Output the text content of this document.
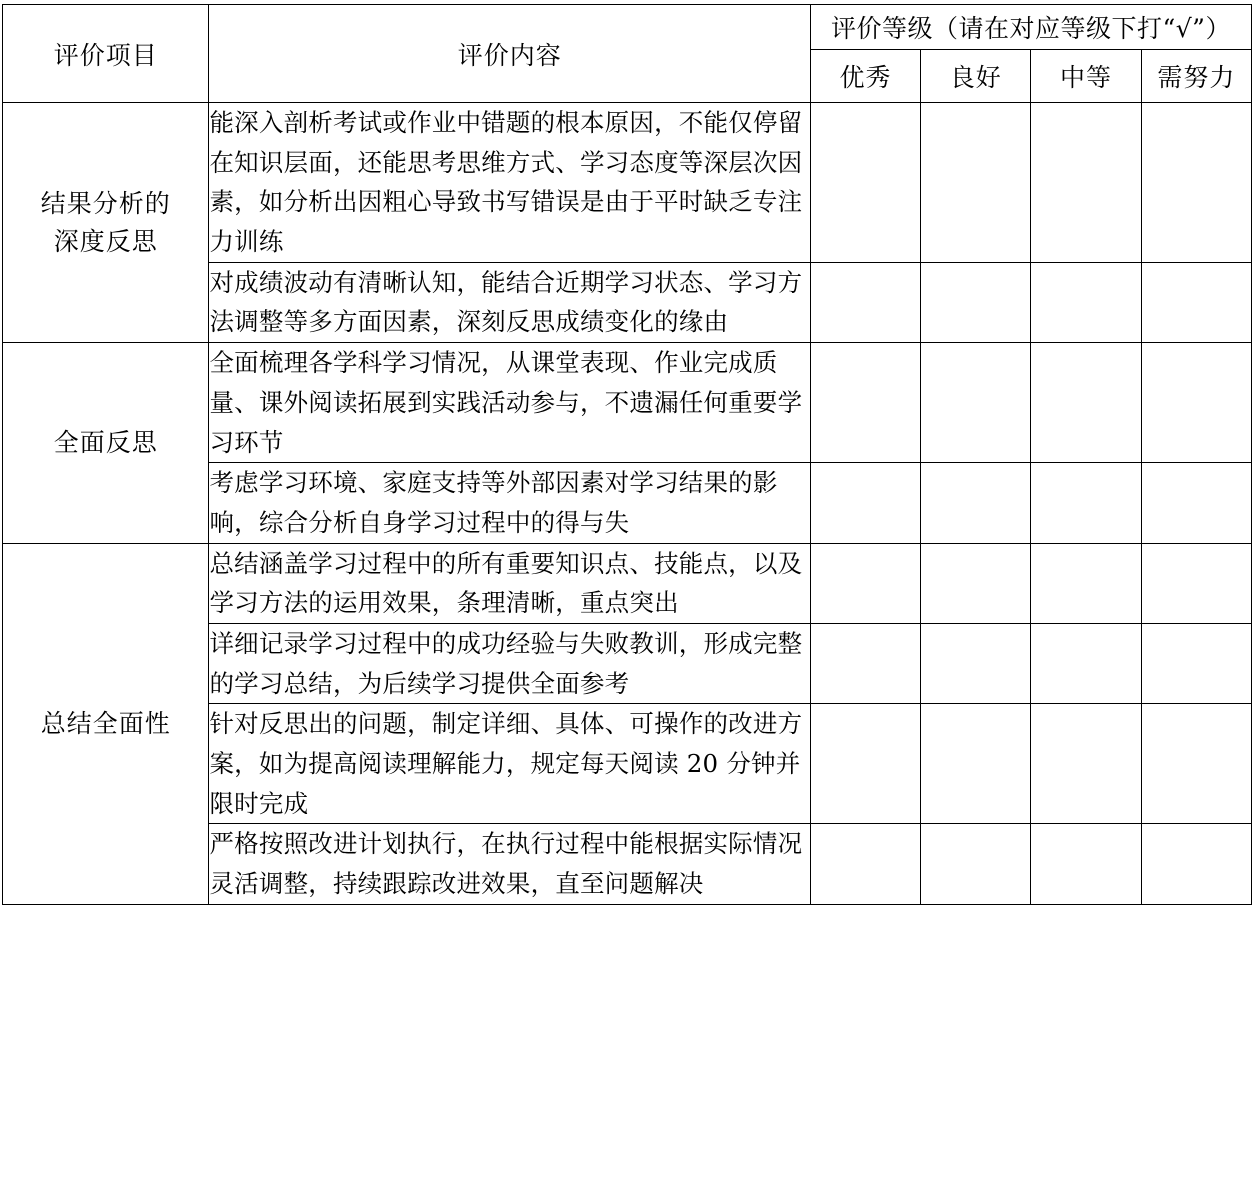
评价项目	评价内容	评价等级（请在对应等级下打“√”）			
		优秀	良好	中等	需努力
结果分析的
深度反思	能深入剖析考试或作业中错题的根本原因，不能仅停留在知识层面，还能思考思维方式、学习态度等深层次因素，如分析出因粗心导致书写错误是由于平时缺乏专注力训练				
	对成绩波动有清晰认知，能结合近期学习状态、学习方法调整等多方面因素，深刻反思成绩变化的缘由				
全面反思	全面梳理各学科学习情况，从课堂表现、作业完成质量、课外阅读拓展到实践活动参与，不遗漏任何重要学习环节				
	考虑学习环境、家庭支持等外部因素对学习结果的影响，综合分析自身学习过程中的得与失				
总结全面性	总结涵盖学习过程中的所有重要知识点、技能点，以及学习方法的运用效果，条理清晰，重点突出				
	详细记录学习过程中的成功经验与失败教训，形成完整的学习总结，为后续学习提供全面参考				
	针对反思出的问题，制定详细、具体、可操作的改进方案，如为提高阅读理解能力，规定每天阅读 20 分钟并限时完成				
	严格按照改进计划执行，在执行过程中能根据实际情况灵活调整，持续跟踪改进效果，直至问题解决				
